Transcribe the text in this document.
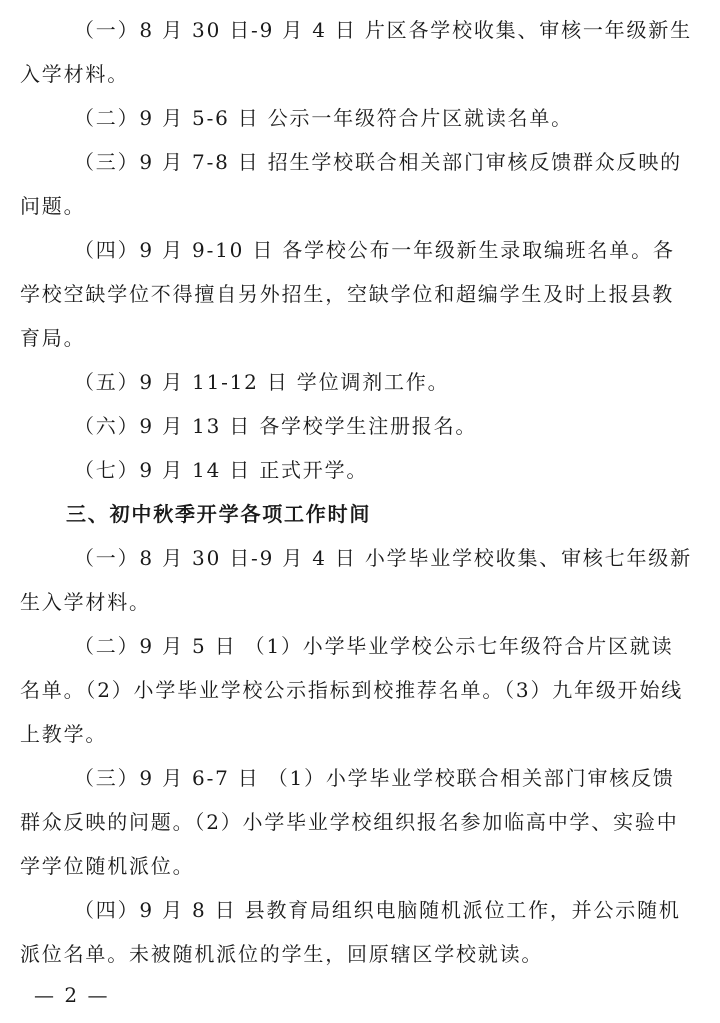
（一）8 月 30 日-9 月 4 日 片区各学校收集、审核一年级新生入学材料。

（二）9 月 5-6 日 公示一年级符合片区就读名单。

（三）9 月 7-8 日 招生学校联合相关部门审核反馈群众反映的问题。

（四）9 月 9-10 日 各学校公布一年级新生录取编班名单。各学校空缺学位不得擅自另外招生，空缺学位和超编学生及时上报县教育局。

（五）9 月 11-12 日 学位调剂工作。

（六）9 月 13 日 各学校学生注册报名。

（七）9 月 14 日 正式开学。

三、初中秋季开学各项工作时间

（一）8 月 30 日-9 月 4 日 小学毕业学校收集、审核七年级新生入学材料。

（二）9 月 5 日 （1）小学毕业学校公示七年级符合片区就读名单。（2）小学毕业学校公示指标到校推荐名单。（3）九年级开始线上教学。

（三）9 月 6-7 日 （1）小学毕业学校联合相关部门审核反馈群众反映的问题。（2）小学毕业学校组织报名参加临高中学、实验中学学位随机派位。

（四）9 月 8 日 县教育局组织电脑随机派位工作，并公示随机派位名单。未被随机派位的学生，回原辖区学校就读。

— 2 —
